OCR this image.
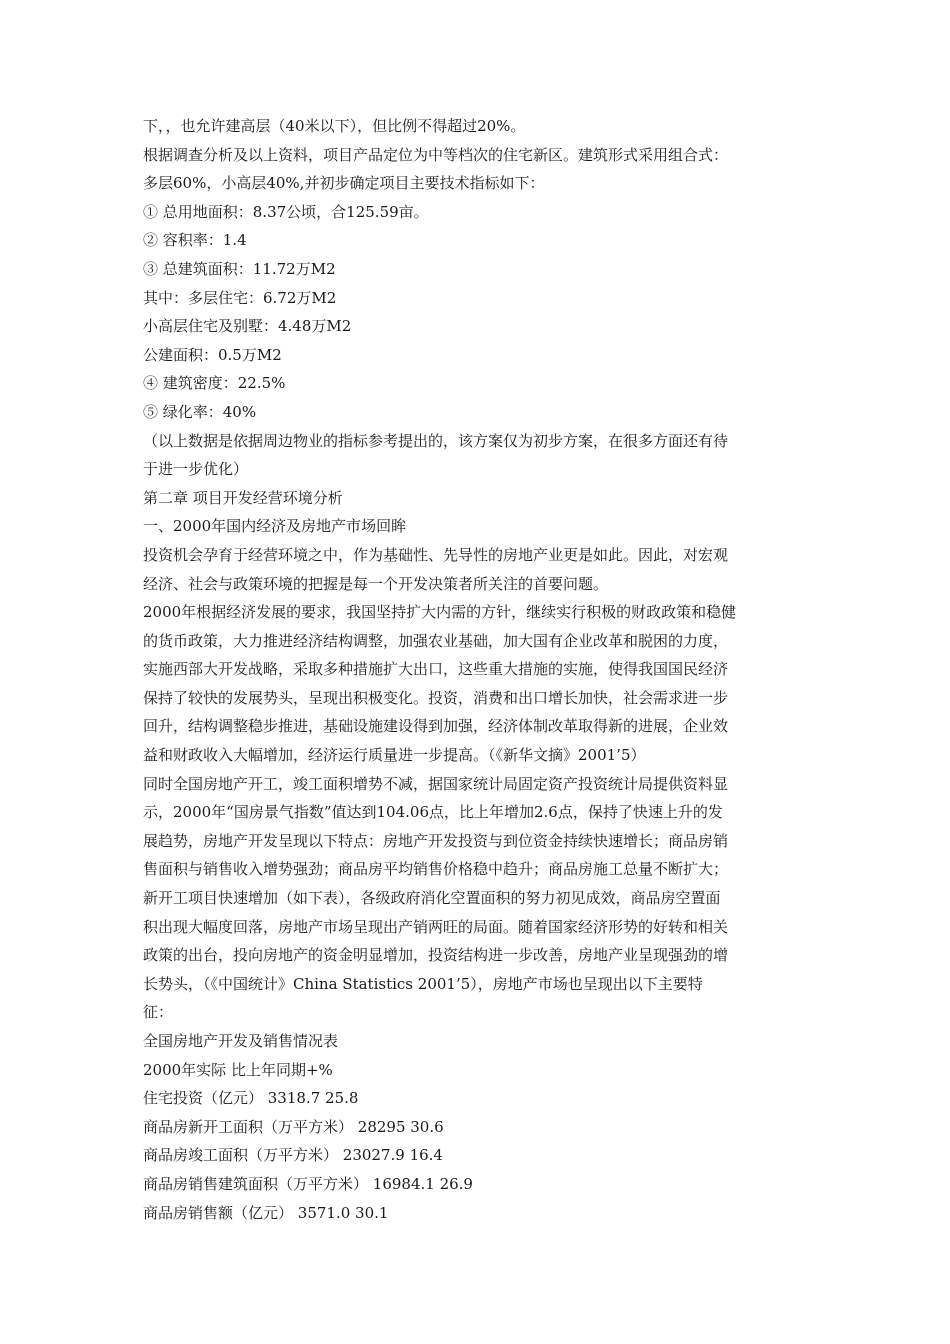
下，，也允许建高层（40米以下），但比例不得超过20%。
根据调查分析及以上资料，项目产品定位为中等档次的住宅新区。建筑形式采用组合式：
多层60%，小高层40%,并初步确定项目主要技术指标如下：
① 总用地面积：8.37公顷，合125.59亩。
② 容积率：1.4
③ 总建筑面积：11.72万M2
其中：多层住宅：6.72万M2
小高层住宅及别墅：4.48万M2
公建面积：0.5万M2
④ 建筑密度：22.5%
⑤ 绿化率：40%
（以上数据是依据周边物业的指标参考提出的，该方案仅为初步方案，在很多方面还有待
于进一步优化）
第二章 项目开发经营环境分析
一、2000年国内经济及房地产市场回眸
投资机会孕育于经营环境之中，作为基础性、先导性的房地产业更是如此。因此，对宏观
经济、社会与政策环境的把握是每一个开发决策者所关注的首要问题。
2000年根据经济发展的要求，我国坚持扩大内需的方针，继续实行积极的财政政策和稳健
的货币政策，大力推进经济结构调整，加强农业基础，加大国有企业改革和脱困的力度，
实施西部大开发战略，采取多种措施扩大出口，这些重大措施的实施，使得我国国民经济
保持了较快的发展势头，呈现出积极变化。投资，消费和出口增长加快，社会需求进一步
回升，结构调整稳步推进，基础设施建设得到加强，经济体制改革取得新的进展，企业效
益和财政收入大幅增加，经济运行质量进一步提高。（《新华文摘》2001’5）
同时全国房地产开工，竣工面积增势不减，据国家统计局固定资产投资统计局提供资料显
示，2000年“国房景气指数”值达到104.06点，比上年增加2.6点，保持了快速上升的发
展趋势，房地产开发呈现以下特点：房地产开发投资与到位资金持续快速增长；商品房销
售面积与销售收入增势强劲；商品房平均销售价格稳中趋升；商品房施工总量不断扩大；
新开工项目快速增加（如下表），各级政府消化空置面积的努力初见成效，商品房空置面
积出现大幅度回落，房地产市场呈现出产销两旺的局面。随着国家经济形势的好转和相关
政策的出台，投向房地产的资金明显增加，投资结构进一步改善，房地产业呈现强劲的增
长势头，（《中国统计》China Statistics 2001’5），房地产市场也呈现出以下主要特
征：
全国房地产开发及销售情况表
2000年实际 比上年同期+%
住宅投资（亿元） 3318.7 25.8
商品房新开工面积（万平方米） 28295 30.6
商品房竣工面积（万平方米） 23027.9 16.4
商品房销售建筑面积（万平方米） 16984.1 26.9
商品房销售额（亿元） 3571.0 30.1
